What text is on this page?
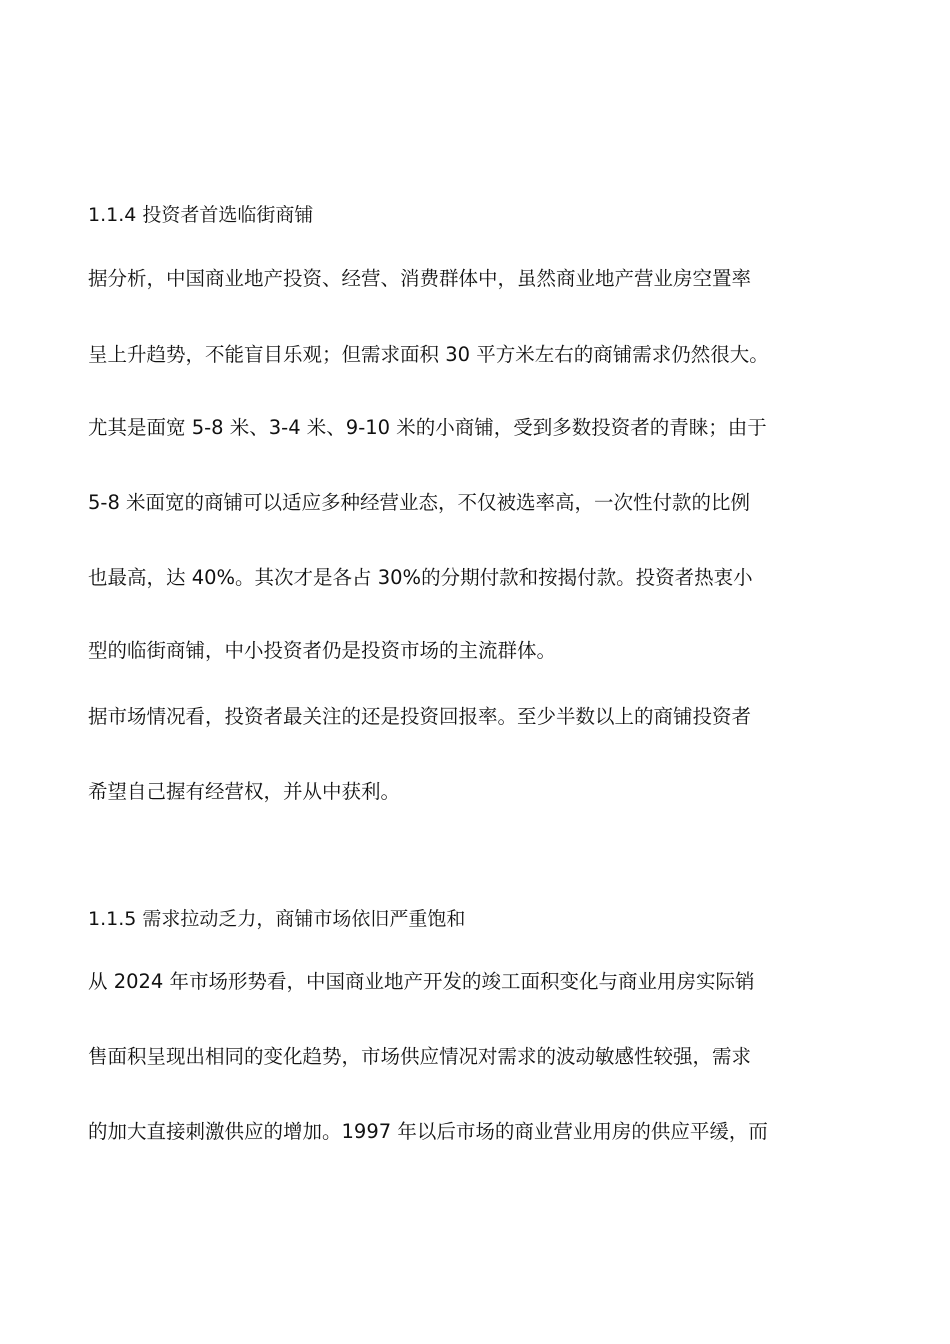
1.1.4 投资者首选临街商铺
据分析，中国商业地产投资、经营、消费群体中，虽然商业地产营业房空置率
呈上升趋势，不能盲目乐观；但需求面积 30 平方米左右的商铺需求仍然很大。
尤其是面宽 5-8 米、3-4 米、9-10 米的小商铺，受到多数投资者的青睐；由于
5-8 米面宽的商铺可以适应多种经营业态，不仅被选率高，一次性付款的比例
也最高，达 40%。其次才是各占 30%的分期付款和按揭付款。投资者热衷小
型的临街商铺，中小投资者仍是投资市场的主流群体。
据市场情况看，投资者最关注的还是投资回报率。至少半数以上的商铺投资者
希望自己握有经营权，并从中获利。
1.1.5 需求拉动乏力，商铺市场依旧严重饱和
从 2024 年市场形势看，中国商业地产开发的竣工面积变化与商业用房实际销
售面积呈现出相同的变化趋势，市场供应情况对需求的波动敏感性较强，需求
的加大直接刺激供应的增加。1997 年以后市场的商业营业用房的供应平缓，而
